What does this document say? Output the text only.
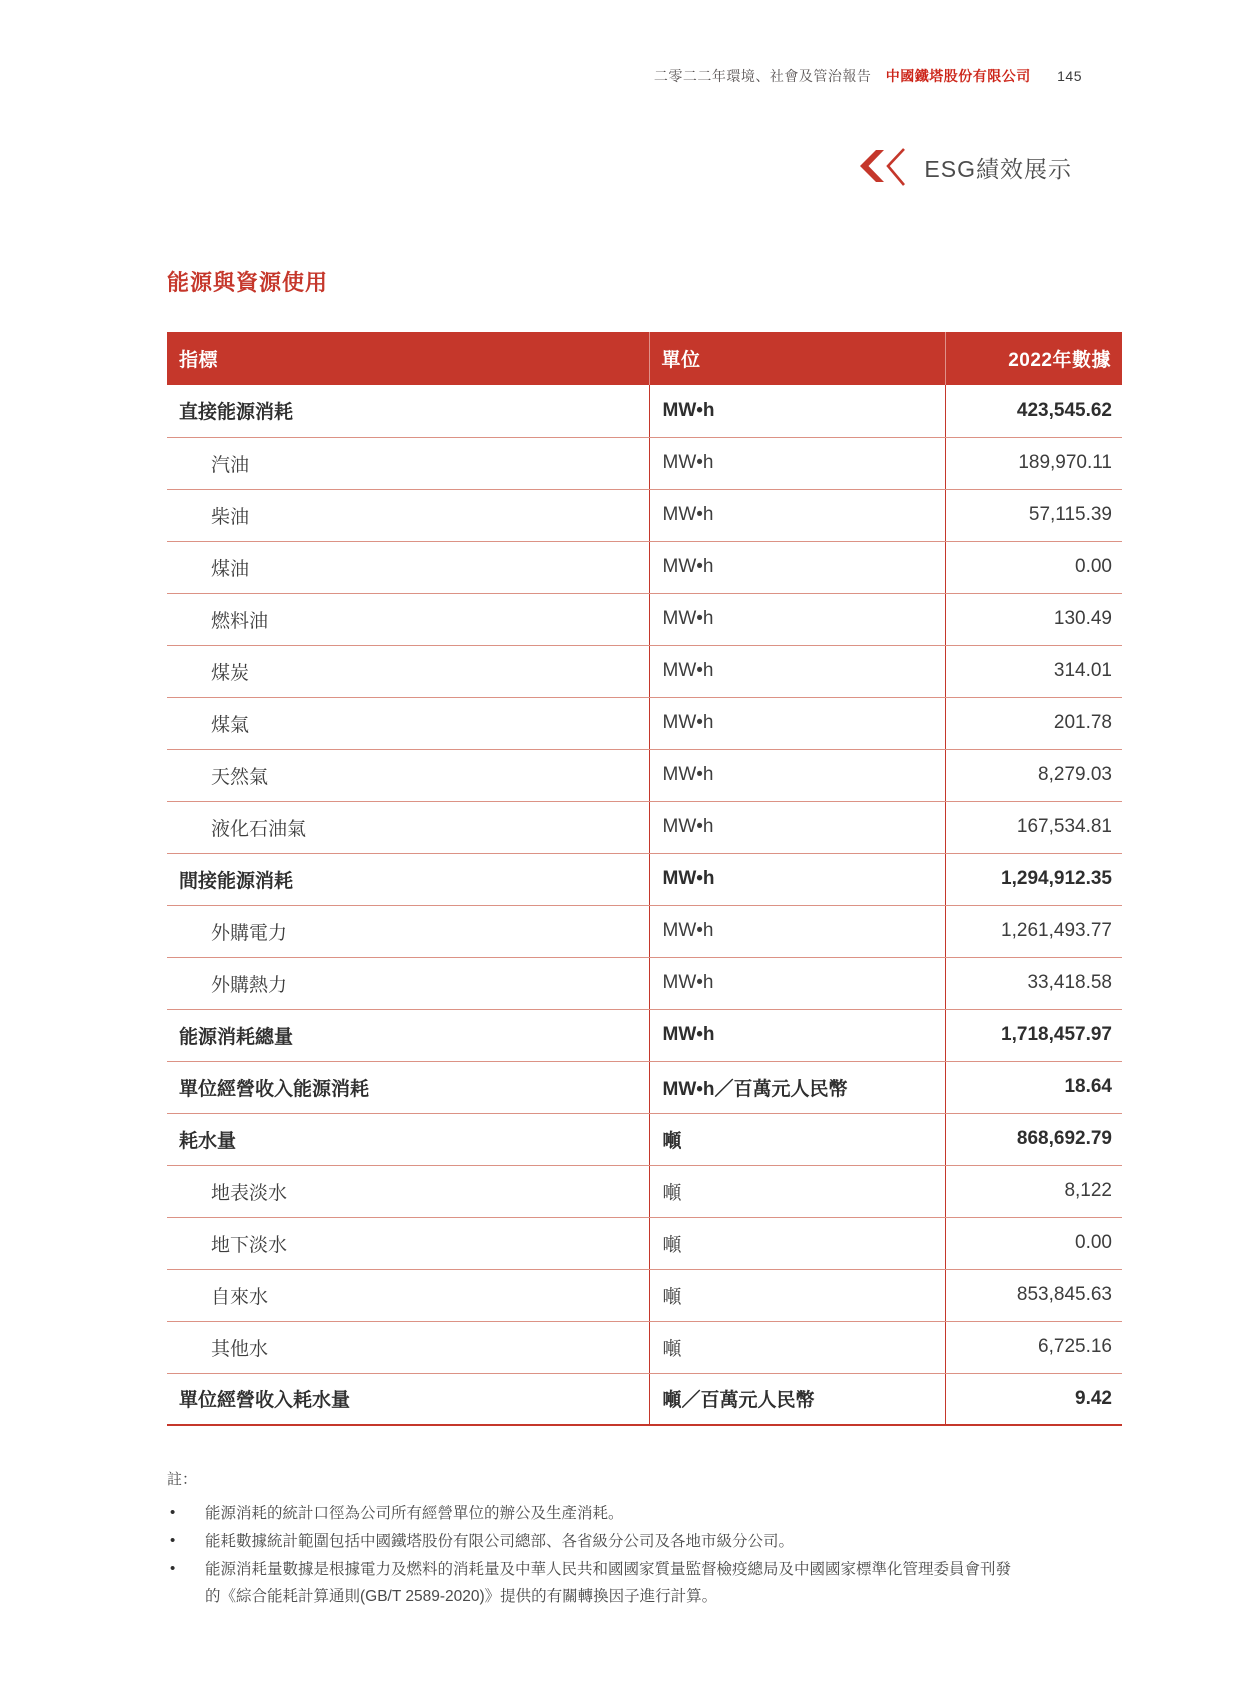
二零二二年環境、社會及管治報告 中國鐵塔股份有限公司 145
ESG績效展示
能源與資源使用
指標	單位	2022年數據
直接能源消耗	MW•h	423,545.62
汽油	MW•h	189,970.11
柴油	MW•h	57,115.39
煤油	MW•h	0.00
燃料油	MW•h	130.49
煤炭	MW•h	314.01
煤氣	MW•h	201.78
天然氣	MW•h	8,279.03
液化石油氣	MW•h	167,534.81
間接能源消耗	MW•h	1,294,912.35
外購電力	MW•h	1,261,493.77
外購熱力	MW•h	33,418.58
能源消耗總量	MW•h	1,718,457.97
單位經營收入能源消耗	MW•h／百萬元人民幣	18.64
耗水量	噸	868,692.79
地表淡水	噸	8,122
地下淡水	噸	0.00
自來水	噸	853,845.63
其他水	噸	6,725.16
單位經營收入耗水量	噸／百萬元人民幣	9.42
註：
• 能源消耗的統計口徑為公司所有經營單位的辦公及生產消耗。
• 能耗數據統計範圍包括中國鐵塔股份有限公司總部、各省級分公司及各地市級分公司。
• 能源消耗量數據是根據電力及燃料的消耗量及中華人民共和國國家質量監督檢疫總局及中國國家標準化管理委員會刊發的《綜合能耗計算通則(GB/T 2589-2020)》提供的有關轉換因子進行計算。
